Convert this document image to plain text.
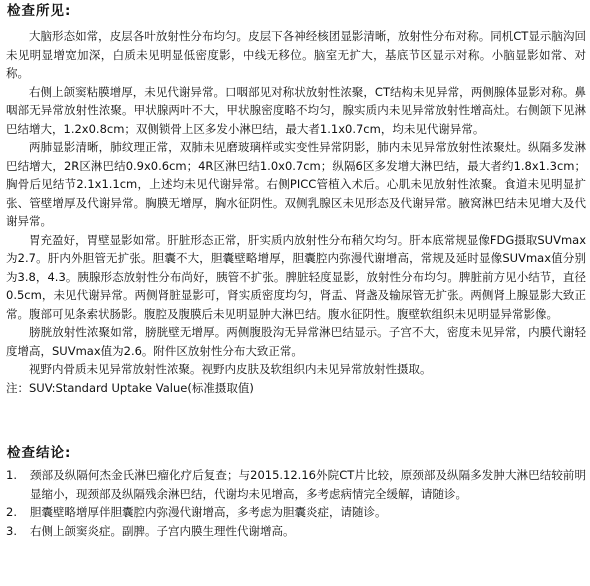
检查所见:

大脑形态如常，皮层各叶放射性分布均匀。皮层下各神经核团显影清晰，放射性分布对称。同机CT显示脑沟回未见明显增宽加深，白质未见明显低密度影，中线无移位。脑室无扩大，基底节区显示对称。小脑显影如常、对称。

右侧上颌窦粘膜增厚，未见代谢异常。口咽部见对称状放射性浓聚，CT结构未见异常，两侧腺体显影对称。鼻咽部无异常放射性浓聚。甲状腺两叶不大，甲状腺密度略不均匀，腺实质内未见异常放射性增高灶。右侧颌下见淋巴结增大，1.2x0.8cm；双侧锁骨上区多发小淋巴结，最大者1.1x0.7cm，均未见代谢异常。

两肺显影清晰，肺纹理正常，双肺未见磨玻璃样或实变性异常阴影，肺内未见异常放射性浓聚灶。纵隔多发淋巴结增大，2R区淋巴结0.9x0.6cm；4R区淋巴结1.0x0.7cm；纵隔6区多发增大淋巴结，最大者约1.8x1.3cm；胸骨后见结节2.1x1.1cm，上述均未见代谢异常。右侧PICC管植入术后。心肌未见放射性浓聚。食道未见明显扩张、管壁增厚及代谢异常。胸膜无增厚，胸水征阴性。双侧乳腺区未见形态及代谢异常。腋窝淋巴结未见增大及代谢异常。

胃充盈好，胃壁显影如常。肝脏形态正常，肝实质内放射性分布稍欠均匀。肝本底常规显像FDG摄取SUVmax为2.7。肝内外胆管无扩张。胆囊不大，胆囊壁略增厚，胆囊腔内弥漫代谢增高，常规及延时显像SUVmax值分别为3.8，4.3。胰腺形态放射性分布尚好，胰管不扩张。脾脏轻度显影，放射性分布均匀。脾脏前方见小结节，直径0.5cm，未见代谢异常。两侧肾脏显影可，肾实质密度均匀，肾盂、肾盏及输尿管无扩张。两侧肾上腺显影大致正常。腹部可见条索状肠影。腹腔及腹膜后未见明显肿大淋巴结。腹水征阴性。腹壁软组织未见明显异常影像。

膀胱放射性浓聚如常，膀胱壁无增厚。两侧腹股沟无异常淋巴结显示。子宫不大，密度未见异常，内膜代谢轻度增高，SUVmax值为2.6。附件区放射性分布大致正常。

视野内骨质未见异常放射性浓聚。视野内皮肤及软组织内未见异常放射性摄取。

注：SUV:Standard Uptake Value(标准摄取值)

检查结论:
1.	颈部及纵隔何杰金氏淋巴瘤化疗后复查；与2015.12.16外院CT片比较，原颈部及纵隔多发肿大淋巴结较前明显缩小，现颈部及纵隔残余淋巴结，代谢均未见增高，多考虑病情完全缓解，请随诊。
2.	胆囊壁略增厚伴胆囊腔内弥漫代谢增高，多考虑为胆囊炎症，请随诊。
3.	右侧上颌窦炎症。副脾。子宫内膜生理性代谢增高。
